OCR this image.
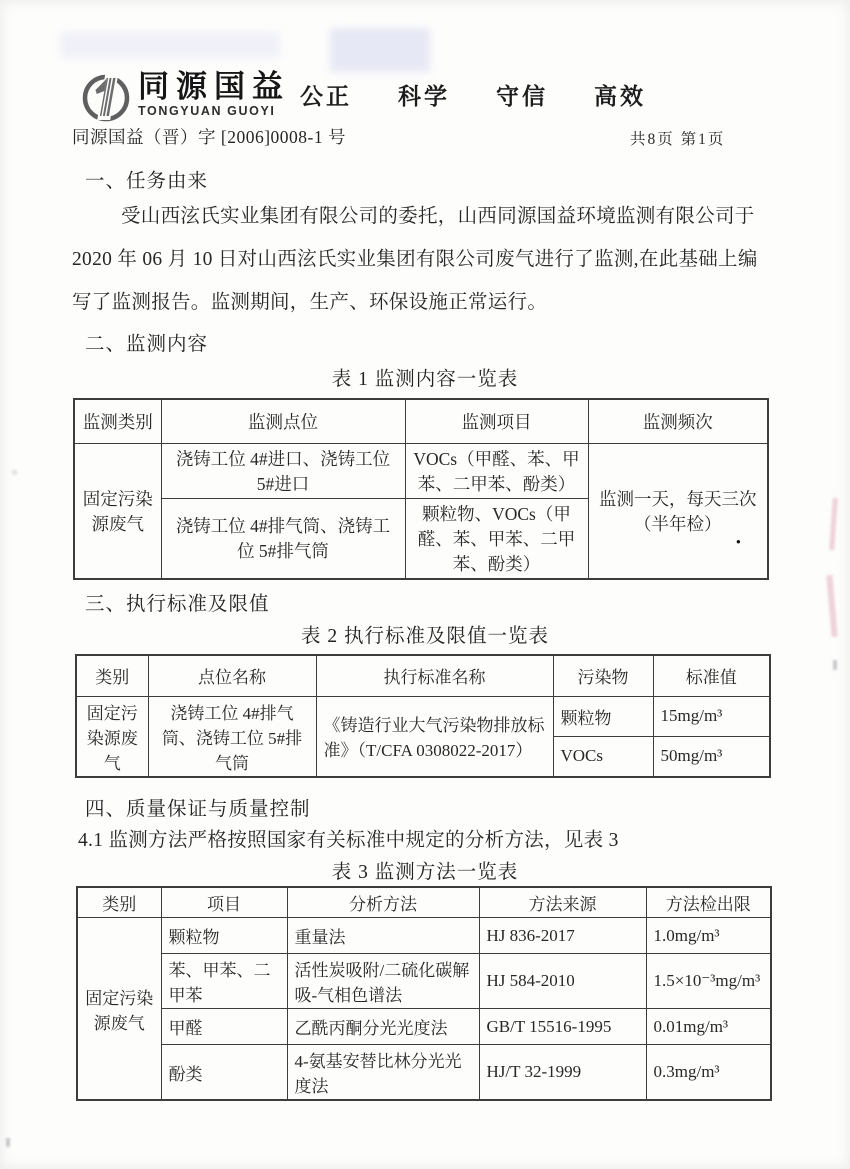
同源国益
TONGYUAN GUOYI
公正 科学 守信 高效
同源国益（晋）字 [2006]0008-1 号	共8页 第1页
一、任务由来
受山西泫氏实业集团有限公司的委托，山西同源国益环境监测有限公司于
2020 年 06 月 10 日对山西泫氏实业集团有限公司废气进行了监测,在此基础上编
写了监测报告。监测期间，生产、环保设施正常运行。
二、监测内容
表 1 监测内容一览表
监测类别	监测点位	监测项目	监测频次
固定污染源废气	浇铸工位 4#进口、浇铸工位 5#进口	VOCs（甲醛、苯、甲苯、二甲苯、酚类）	监测一天，每天三次
（半年检）
•

	浇铸工位 4#排气筒、浇铸工位 5#排气筒	颗粒物、VOCs（甲醛、苯、甲苯、二甲苯、酚类）	
三、执行标准及限值
表 2 执行标准及限值一览表
类别	点位名称	执行标准名称	污染物	标准值
固定污染源废气	浇铸工位 4#排气筒、浇铸工位 5#排气筒	《铸造行业大气污染物排放标准》（T/CFA 0308022-2017）	颗粒物	15mg/m³
			VOCs	50mg/m³
四、质量保证与质量控制
4.1 监测方法严格按照国家有关标准中规定的分析方法，见表 3
表 3 监测方法一览表
类别	项目	分析方法	方法来源	方法检出限
固定污染源废气	颗粒物	重量法	HJ 836-2017	1.0mg/m³
	苯、甲苯、二甲苯	活性炭吸附/二硫化碳解吸-气相色谱法	HJ 584-2010	1.5×10⁻³mg/m³
	甲醛	乙酰丙酮分光光度法	GB/T 15516-1995	0.01mg/m³
	酚类	4-氨基安替比林分光光度法	HJ/T 32-1999	0.3mg/m³
